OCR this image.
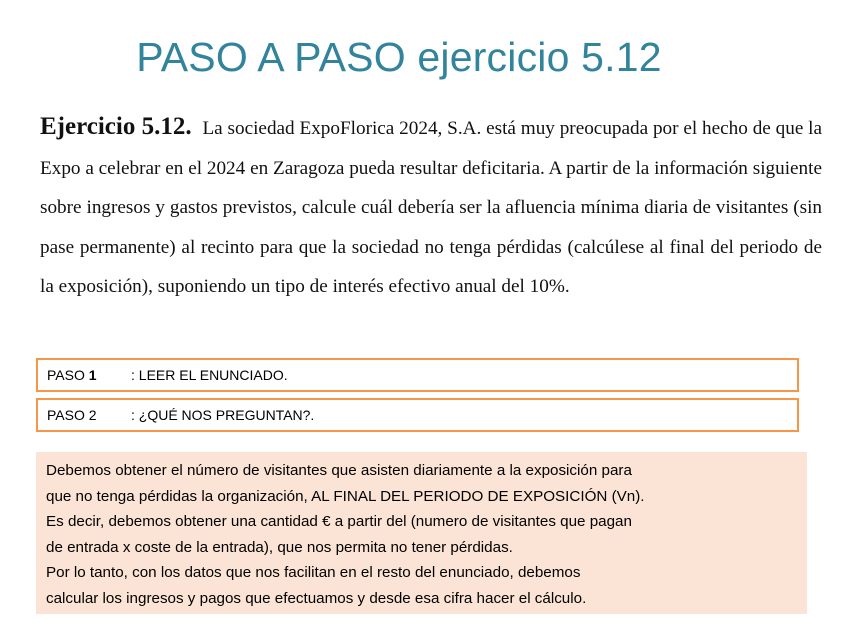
PASO A PASO ejercicio 5.12

Ejercicio 5.12. La sociedad ExpoFlorica 2024, S.A. está muy preocupada por el hecho de que la Expo a celebrar en el 2024 en Zaragoza pueda resultar deficitaria. A partir de la información siguiente sobre ingresos y gastos previstos, calcule cuál debería ser la afluencia mínima diaria de visitantes (sin pase permanente) al recinto para que la sociedad no tenga pérdidas (calcúlese al final del periodo de la exposición), suponiendo un tipo de interés efectivo anual del 10%.

PASO 1	: LEER EL ENUNCIADO.
PASO 2	: ¿QUÉ NOS PREGUNTAN?.
Debemos obtener el número de visitantes que asisten diariamente a la exposición para
que no tenga pérdidas la organización, AL FINAL DEL PERIODO DE EXPOSICIÓN (Vn).
Es decir, debemos obtener una cantidad € a partir del (numero de visitantes que pagan
de entrada x coste de la entrada), que nos permita no tener pérdidas.
Por lo tanto, con los datos que nos facilitan en el resto del enunciado, debemos
calcular los ingresos y pagos que efectuamos y desde esa cifra hacer el cálculo.
